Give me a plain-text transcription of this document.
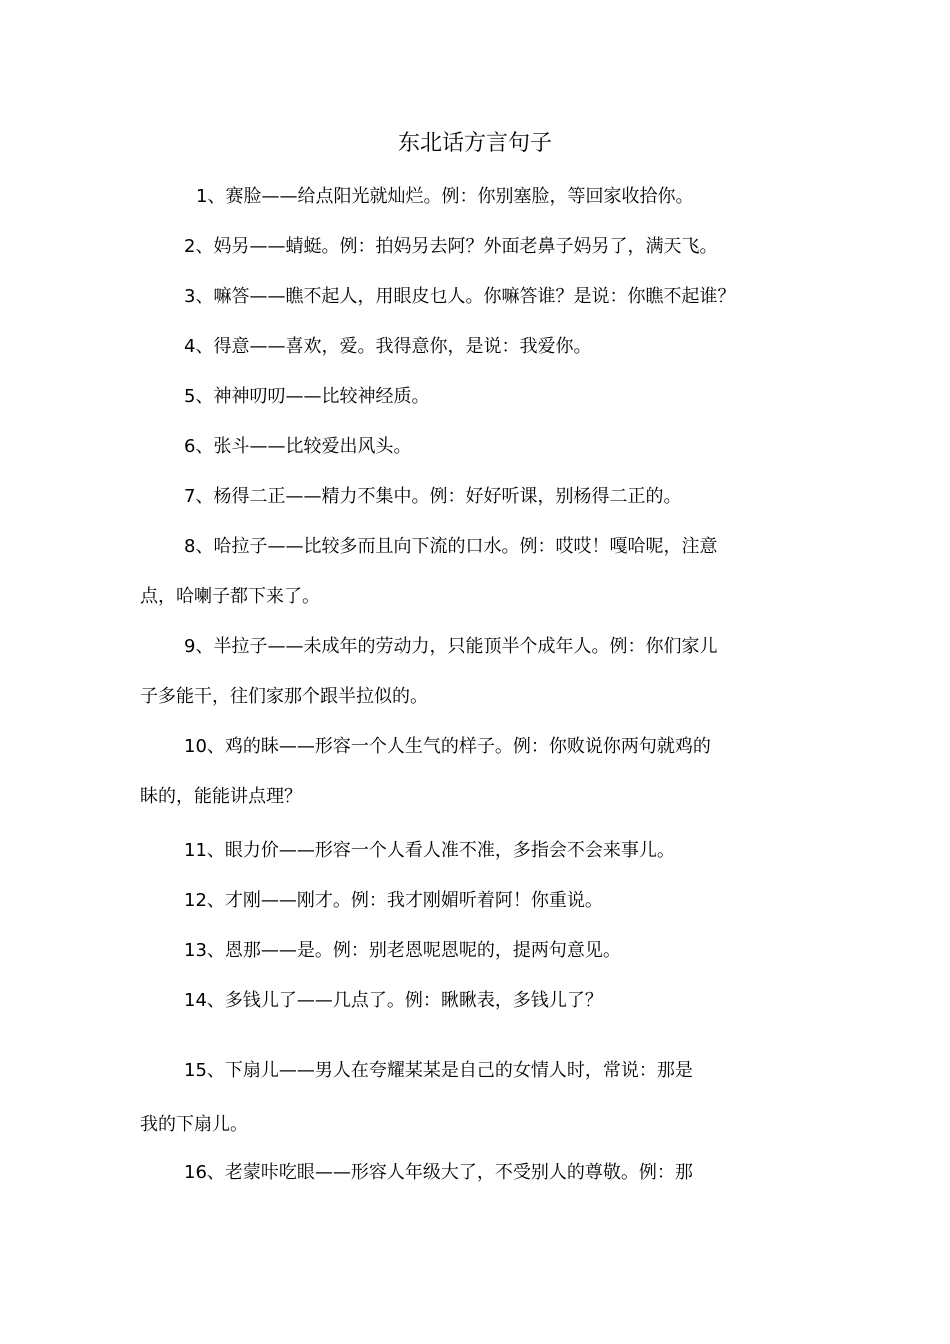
东北话方言句子
1、赛脸——给点阳光就灿烂。例：你别塞脸，等回家收拾你。
2、妈另——蜻蜓。例：拍妈另去阿？外面老鼻子妈另了，满天飞。
3、嘛答——瞧不起人，用眼皮乜人。你嘛答谁？是说：你瞧不起谁？
4、得意——喜欢，爱。我得意你，是说：我爱你。
5、神神叨叨——比较神经质。
6、张斗——比较爱出风头。
7、杨得二正——精力不集中。例：好好听课，别杨得二正的。
8、哈拉子——比较多而且向下流的口水。例：哎哎！嘎哈呢，注意
点，哈喇子都下来了。
9、半拉子——未成年的劳动力，只能顶半个成年人。例：你们家儿
子多能干，往们家那个跟半拉似的。
10、鸡的眛——形容一个人生气的样子。例：你败说你两句就鸡的
眛的，能能讲点理？
11、眼力价——形容一个人看人准不准，多指会不会来事儿。
12、才刚——刚才。例：我才刚媚听着阿！你重说。
13、恩那——是。例：别老恩呢恩呢的，提两句意见。
14、多钱儿了——几点了。例：瞅瞅表，多钱儿了？
15、下扇儿——男人在夸耀某某是自己的女情人时，常说：那是
我的下扇儿。
16、老蒙咔吃眼——形容人年级大了，不受别人的尊敬。例：那
